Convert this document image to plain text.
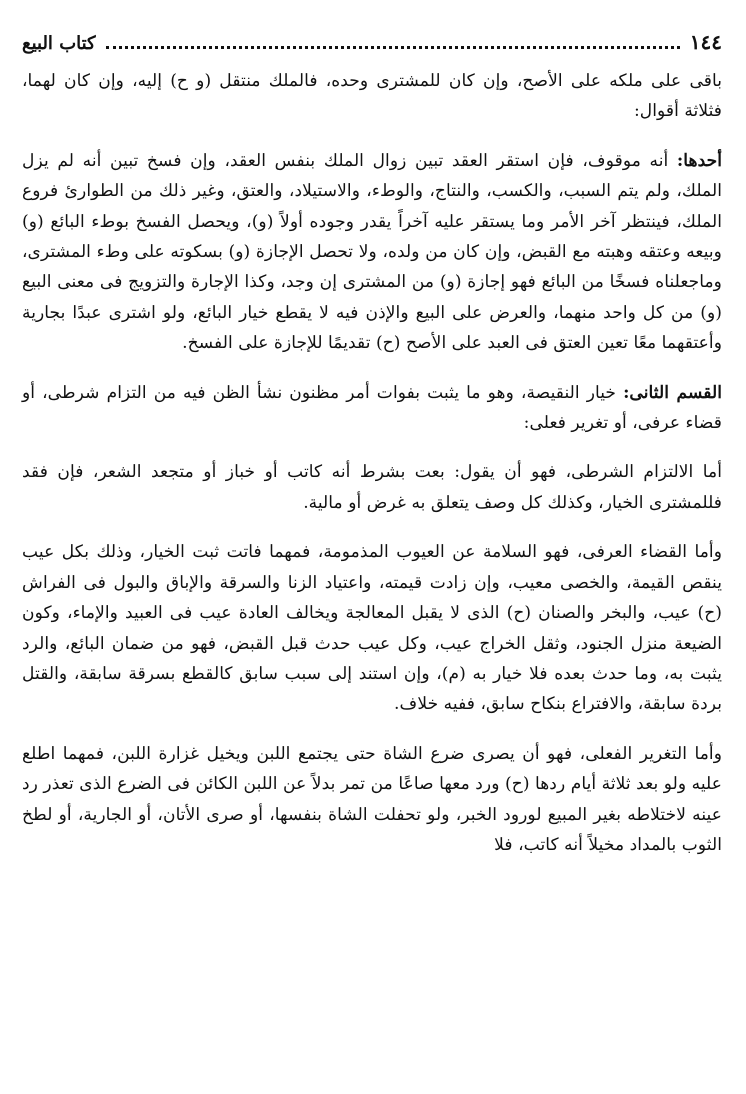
١٤٤
كتاب البيع

باقى على ملكه على الأصح، وإن كان للمشترى وحده، فالملك منتقل (و ح) إليه، وإن كان لهما، فثلاثة أقوال:

أحدها: أنه موقوف، فإن استقر العقد تبين زوال الملك بنفس العقد، وإن فسخ تبين أنه لم يزل الملك، ولم يتم السبب، والكسب، والنتاج، والوطء، والاستيلاد، والعتق، وغير ذلك من الطوارئ فروع الملك، فينتظر آخر الأمر وما يستقر عليه آخراً يقدر وجوده أولاً (و)، ويحصل الفسخ بوطء البائع (و) وبيعه وعتقه وهبته مع القبض، وإن كان من ولده، ولا تحصل الإجازة (و) بسكوته على وطء المشترى، وماجعلناه فسخًا من البائع فهو إجازة (و) من المشترى إن وجد، وكذا الإجارة والتزويج فى معنى البيع (و) من كل واحد منهما، والعرض على البيع والإذن فيه لا يقطع خيار البائع، ولو اشترى عبدًا بجارية وأعتقهما معًا تعين العتق فى العبد على الأصح (ح) تقديمًا للإجازة على الفسخ.

القسم الثانى: خيار النقيصة، وهو ما يثبت بفوات أمر مظنون نشأ الظن فيه من التزام شرطى، أو قضاء عرفى، أو تغرير فعلى:

أما الالتزام الشرطى، فهو أن يقول: بعت بشرط أنه كاتب أو خباز أو متجعد الشعر، فإن فقد فللمشترى الخيار، وكذلك كل وصف يتعلق به غرض أو مالية.

وأما القضاء العرفى، فهو السلامة عن العيوب المذمومة، فمهما فاتت ثبت الخيار، وذلك بكل عيب ينقص القيمة، والخصى معيب، وإن زادت قيمته، واعتياد الزنا والسرقة والإباق والبول فى الفراش (ح) عيب، والبخر والصنان (ح) الذى لا يقبل المعالجة ويخالف العادة عيب فى العبيد والإماء، وكون الضيعة منزل الجنود، وثقل الخراج عيب، وكل عيب حدث قبل القبض، فهو من ضمان البائع، والرد يثبت به، وما حدث بعده فلا خيار به (م)، وإن استند إلى سبب سابق كالقطع بسرقة سابقة، والقتل بردة سابقة، والافتراع بنكاح سابق، ففيه خلاف.

وأما التغرير الفعلى، فهو أن يصرى ضرع الشاة حتى يجتمع اللبن ويخيل غزارة اللبن، فمهما اطلع عليه ولو بعد ثلاثة أيام ردها (ح) ورد معها صاعًا من تمر بدلاً عن اللبن الكائن فى الضرع الذى تعذر رد عينه لاختلاطه بغير المبيع لورود الخبر، ولو تحفلت الشاة بنفسها، أو صرى الأتان، أو الجارية، أو لطخ الثوب بالمداد مخيلاً أنه كاتب، فلا
